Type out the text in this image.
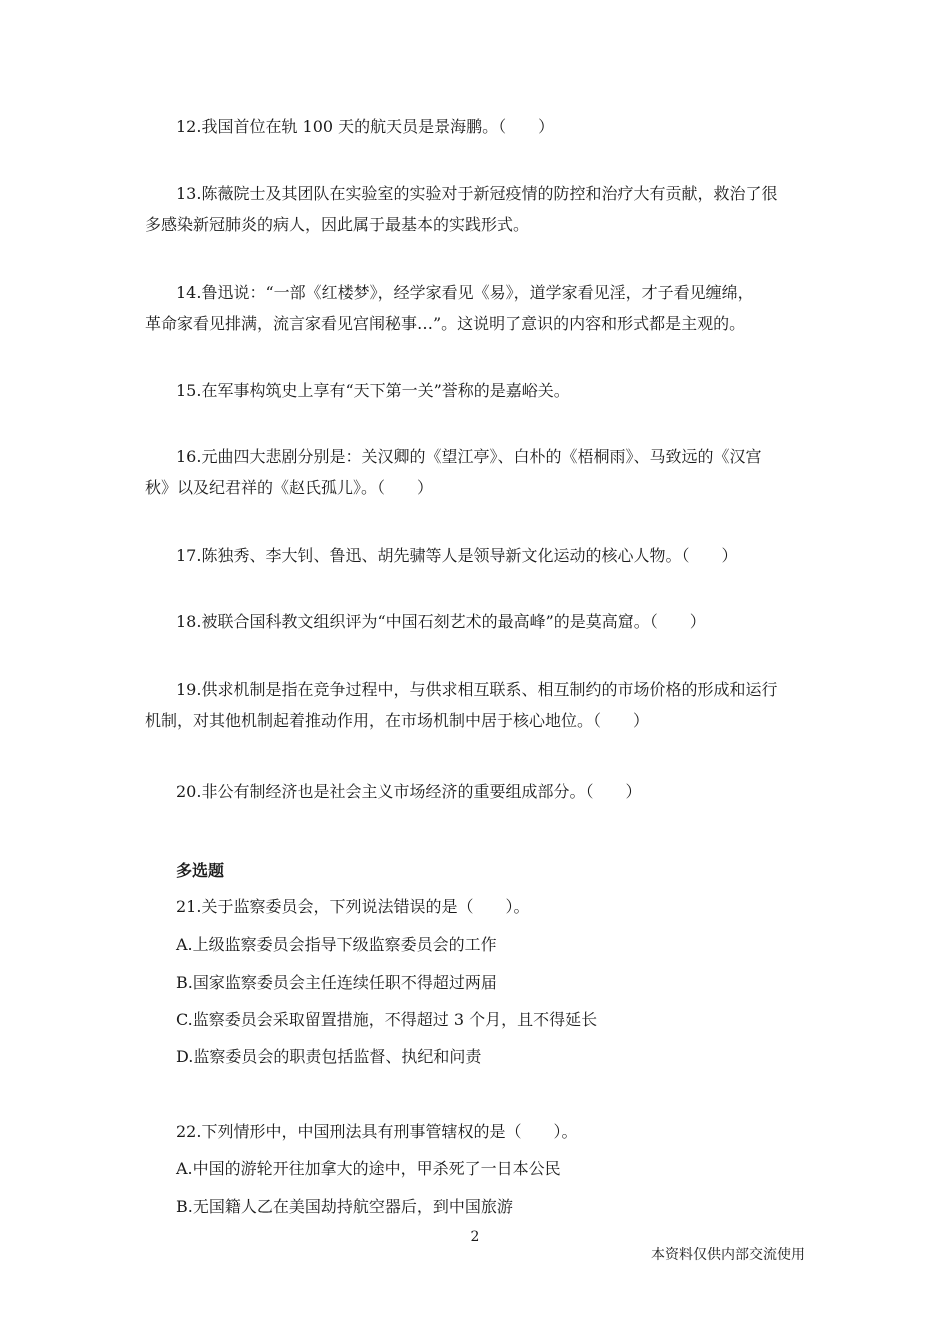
12.我国首位在轨 100 天的航天员是景海鹏。（　　）
13.陈薇院士及其团队在实验室的实验对于新冠疫情的防控和治疗大有贡献，救治了很
多感染新冠肺炎的病人，因此属于最基本的实践形式。
14.鲁迅说：“一部《红楼梦》，经学家看见《易》，道学家看见淫，才子看见缠绵，
革命家看见排满，流言家看见宫闱秘事…”。这说明了意识的内容和形式都是主观的。
15.在军事构筑史上享有“天下第一关”誉称的是嘉峪关。
16.元曲四大悲剧分别是：关汉卿的《望江亭》、白朴的《梧桐雨》、马致远的《汉宫
秋》以及纪君祥的《赵氏孤儿》。（　　）
17.陈独秀、李大钊、鲁迅、胡先骕等人是领导新文化运动的核心人物。（　　）
18.被联合国科教文组织评为“中国石刻艺术的最高峰”的是莫高窟。（　　）
19.供求机制是指在竞争过程中，与供求相互联系、相互制约的市场价格的形成和运行
机制，对其他机制起着推动作用，在市场机制中居于核心地位。（　　）
20.非公有制经济也是社会主义市场经济的重要组成部分。（　　）
多选题
21.关于监察委员会，下列说法错误的是（　　）。
A.上级监察委员会指导下级监察委员会的工作
B.国家监察委员会主任连续任职不得超过两届
C.监察委员会采取留置措施，不得超过 3 个月，且不得延长
D.监察委员会的职责包括监督、执纪和问责
22.下列情形中，中国刑法具有刑事管辖权的是（　　）。
A.中国的游轮开往加拿大的途中，甲杀死了一日本公民
B.无国籍人乙在美国劫持航空器后，到中国旅游
2
本资料仅供内部交流使用
